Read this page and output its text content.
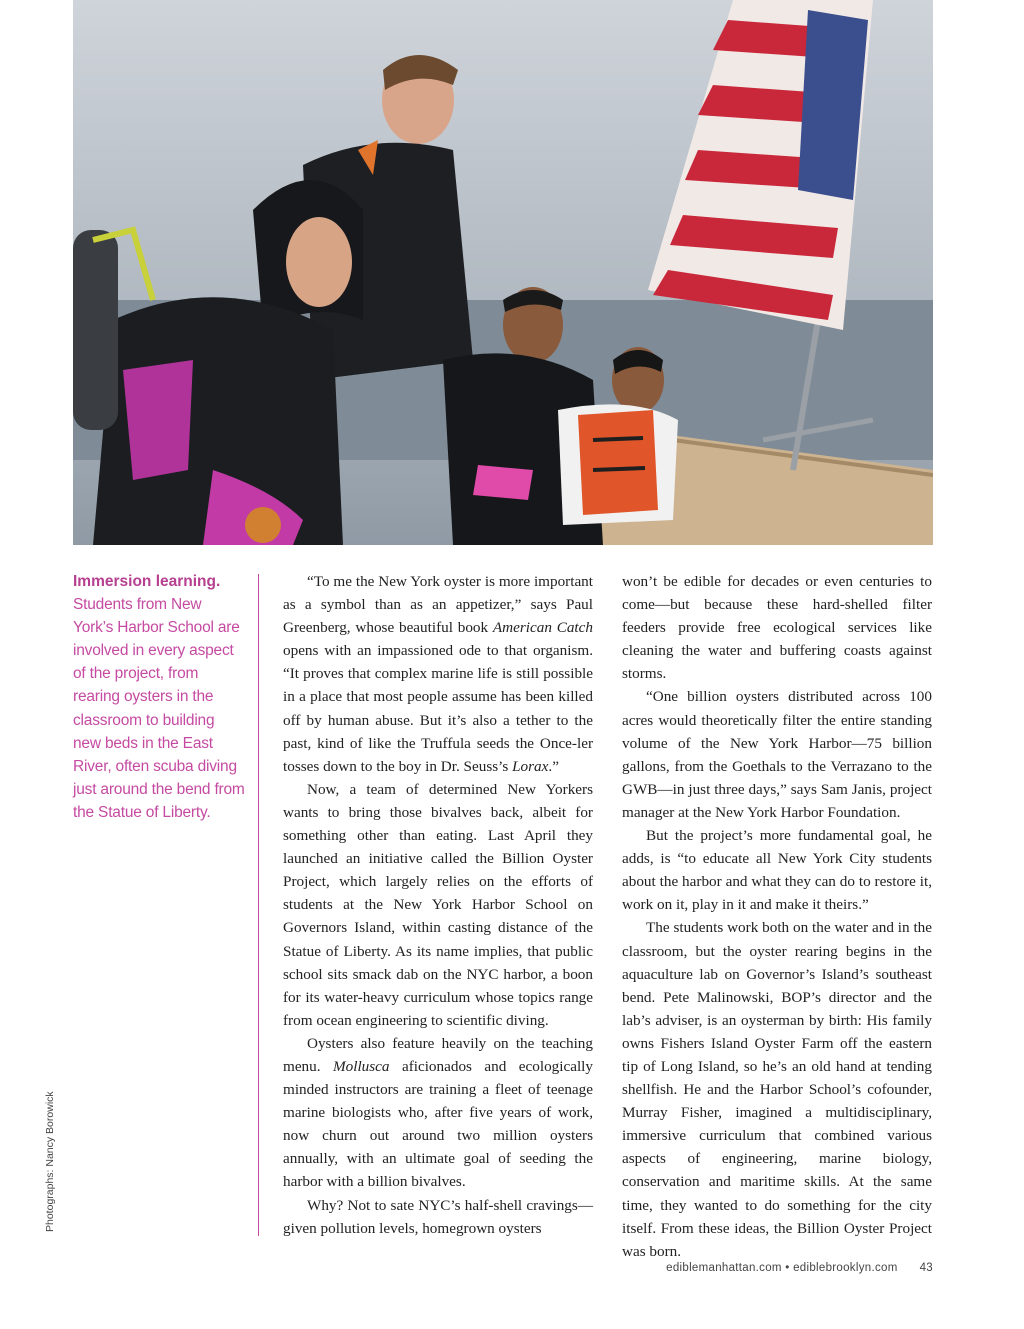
Immersion learning.
Students from New York’s Harbor School are involved in every aspect of the project, from rearing oysters in the classroom to building new beds in the East River, often scuba diving just around the bend from the Statue of Liberty.

Photographs: Nancy Borowick

“To me the New York oyster is more important as a symbol than as an appetizer,” says Paul Greenberg, whose beautiful book American Catch opens with an impassioned ode to that organism. “It proves that complex marine life is still possible in a place that most people assume has been killed off by human abuse. But it’s also a tether to the past, kind of like the Truffula seeds the Once-ler tosses down to the boy in Dr. Seuss’s Lorax.”

Now, a team of determined New Yorkers wants to bring those bivalves back, albeit for something other than eating. Last April they launched an initiative called the Billion Oyster Project, which largely relies on the efforts of students at the New York Harbor School on Governors Island, within casting distance of the Statue of Liberty. As its name implies, that public school sits smack dab on the NYC harbor, a boon for its water-heavy curriculum whose topics range from ocean engineering to scientific diving.

Oysters also feature heavily on the teaching menu. Mollusca aficionados and ecologically minded instructors are training a fleet of teenage marine biologists who, after five years of work, now churn out around two million oysters annually, with an ultimate goal of seeding the harbor with a billion bivalves.

Why? Not to sate NYC’s half-shell cravings—given pollution levels, homegrown oysters

won’t be edible for decades or even centuries to come—but because these hard-shelled filter feeders provide free ecological services like cleaning the water and buffering coasts against storms.

“One billion oysters distributed across 100 acres would theoretically filter the entire standing volume of the New York Harbor—75 billion gallons, from the Goethals to the Verrazano to the GWB—in just three days,” says Sam Janis, project manager at the New York Harbor Foundation.

But the project’s more fundamental goal, he adds, is “to educate all New York City students about the harbor and what they can do to restore it, work on it, play in it and make it theirs.”

The students work both on the water and in the classroom, but the oyster rearing begins in the aquaculture lab on Governor’s Island’s southeast bend. Pete Malinowski, BOP’s director and the lab’s adviser, is an oysterman by birth: His family owns Fishers Island Oyster Farm off the eastern tip of Long Island, so he’s an old hand at tending shellfish. He and the Harbor School’s cofounder, Murray Fisher, imagined a multidisciplinary, immersive curriculum that combined various aspects of engineering, marine biology, conservation and maritime skills. At the same time, they wanted to do something for the city itself. From these ideas, the Billion Oyster Project was born.

ediblemanhattan.com • ediblebrooklyn.com 43
